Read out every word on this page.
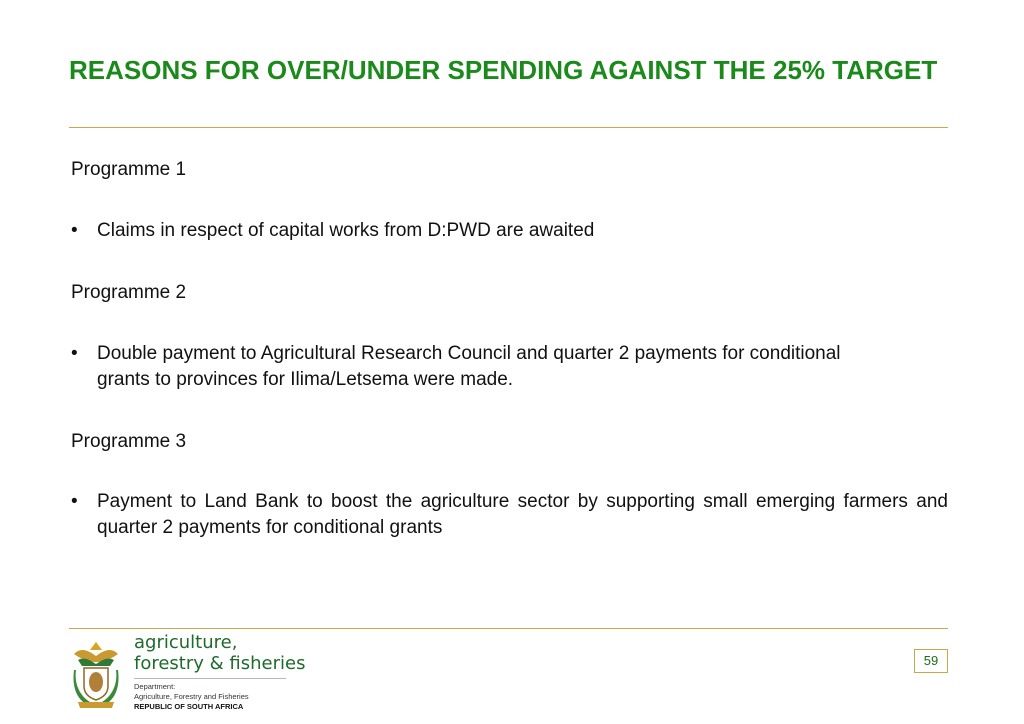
REASONS FOR OVER/UNDER SPENDING AGAINST THE 25% TARGET

Programme 1

•	Claims in respect of capital works from D:PWD are awaited

Programme 2

•	Double payment to Agricultural Research Council and quarter 2 payments for conditional grants to provinces for Ilima/Letsema were made.

Programme 3

•	Payment to Land Bank to boost the agriculture sector by supporting small emerging farmers and quarter 2 payments for conditional grants
agriculture,
forestry & fisheries
Department:
Agriculture, Forestry and Fisheries
REPUBLIC OF SOUTH AFRICA
59
